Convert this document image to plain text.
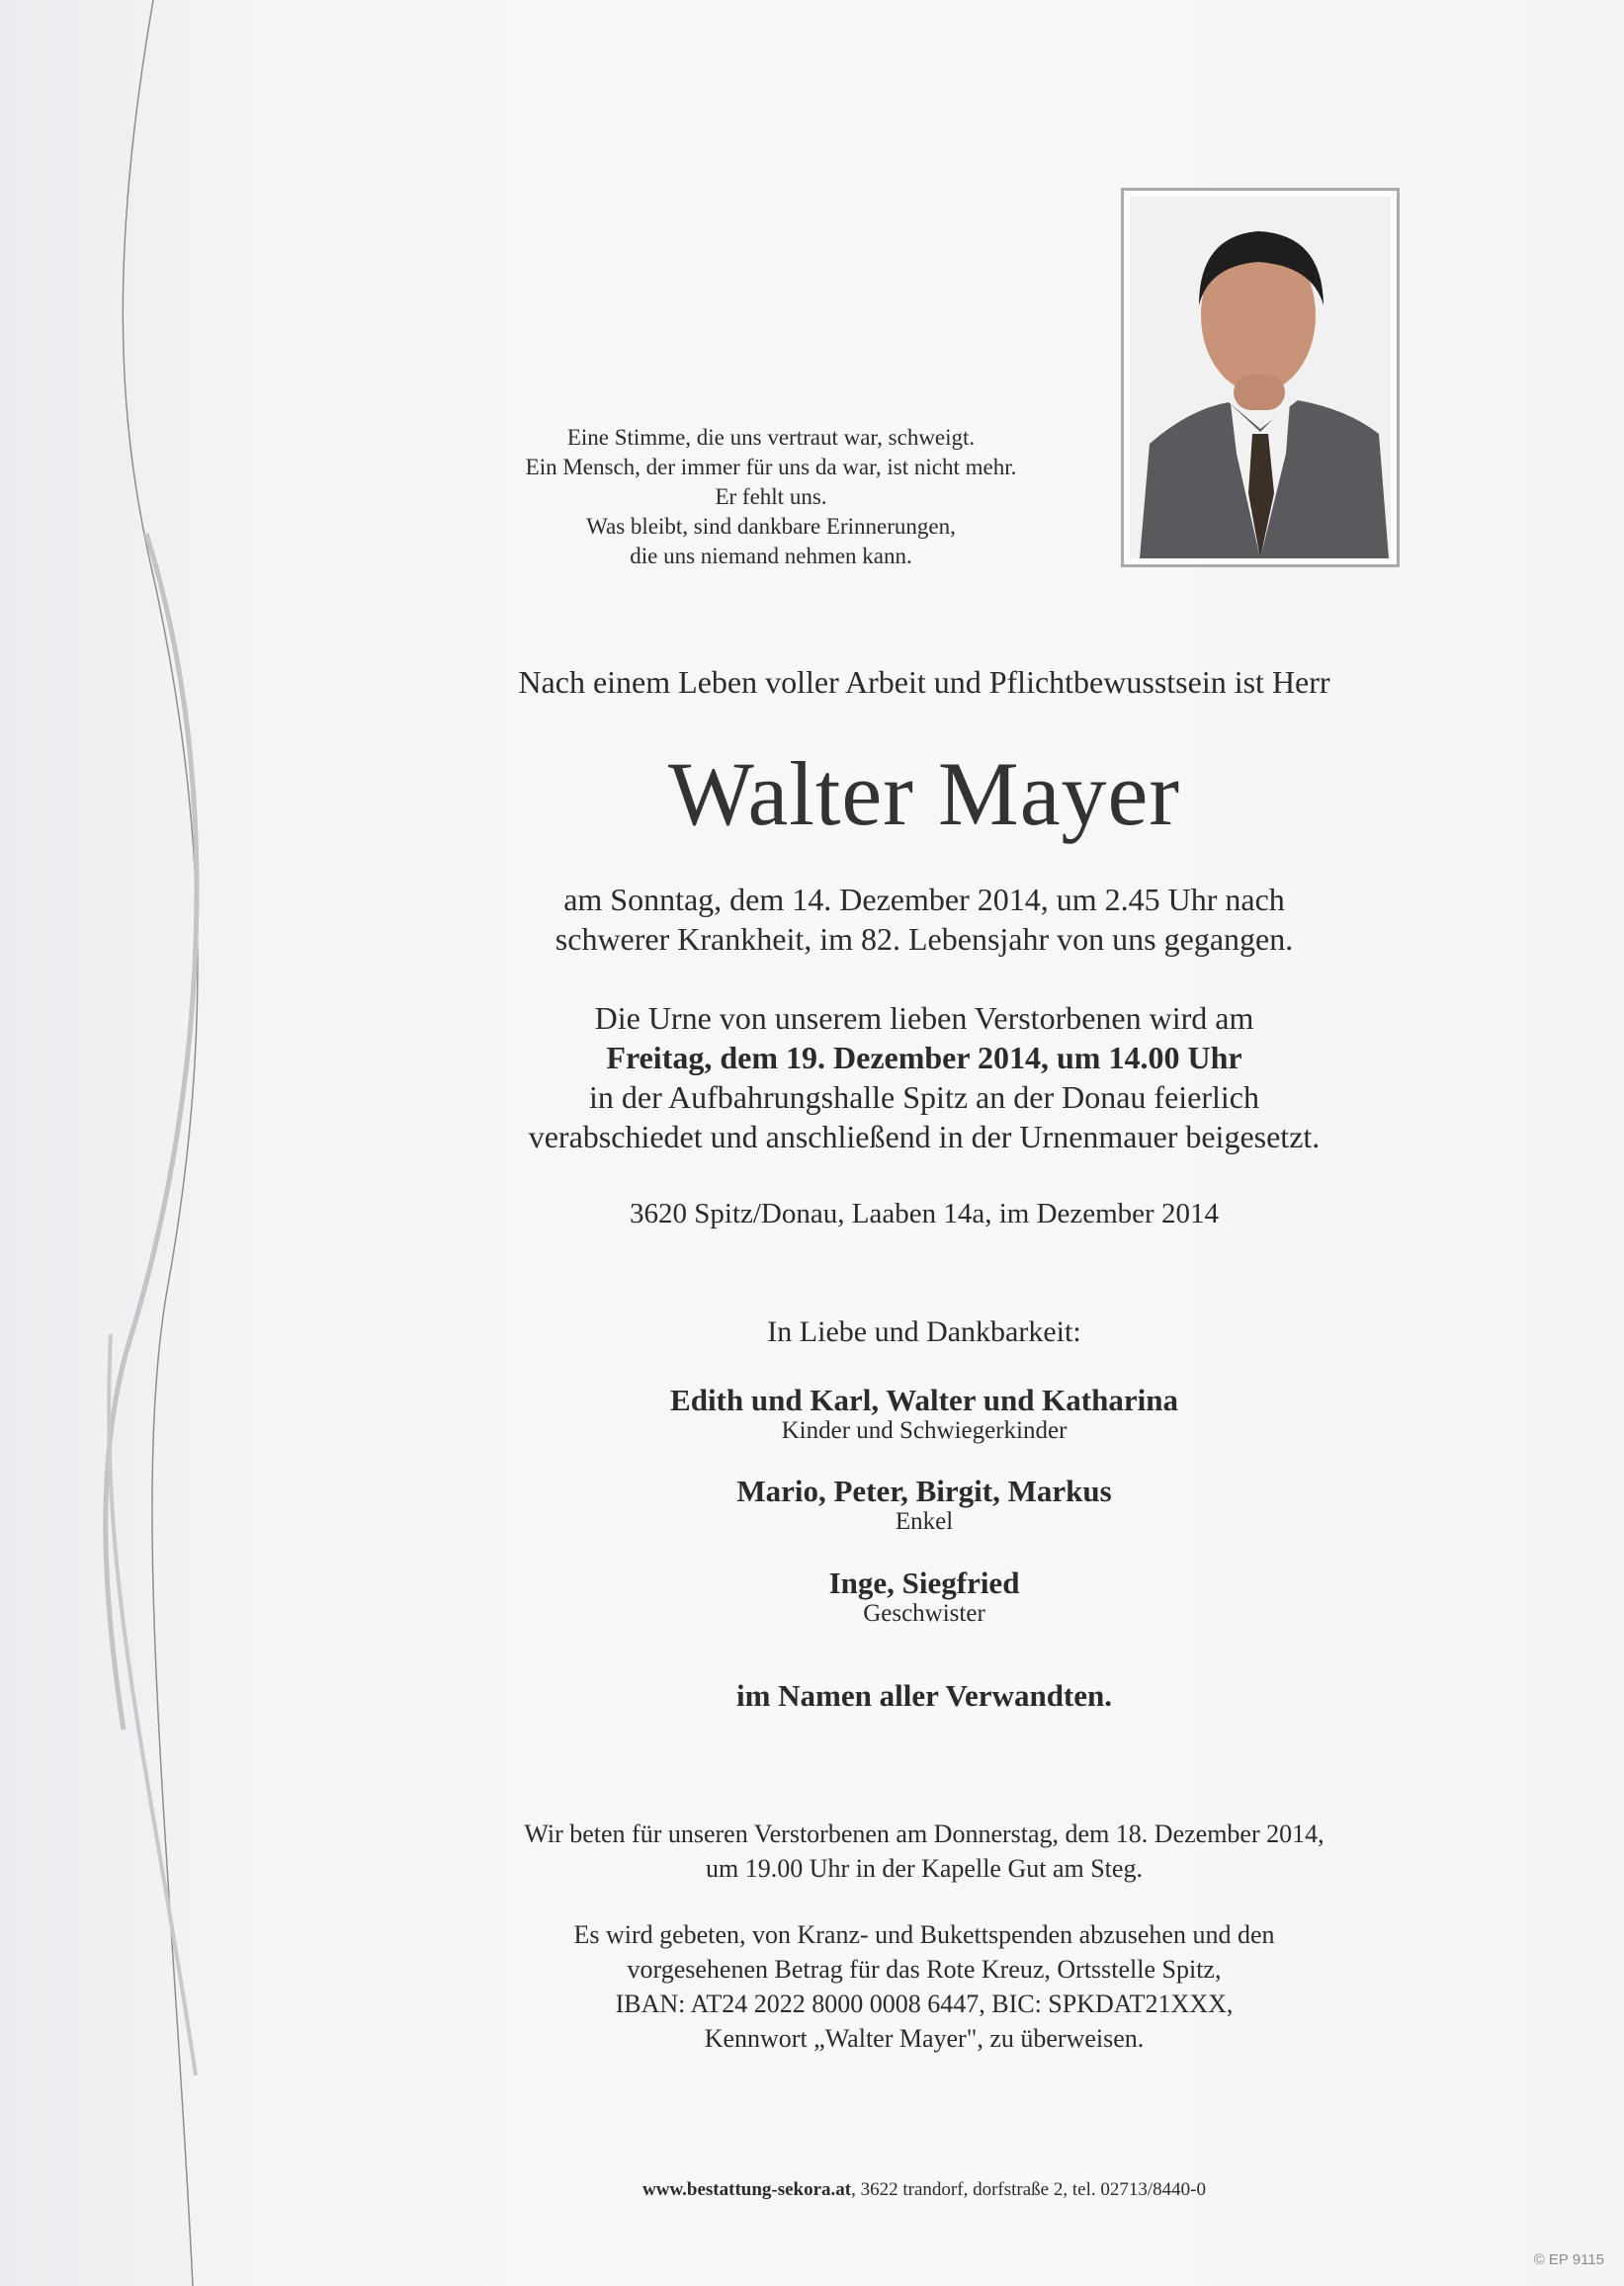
Eine Stimme, die uns vertraut war, schweigt.
Ein Mensch, der immer für uns da war, ist nicht mehr.
Er fehlt uns.
Was bleibt, sind dankbare Erinnerungen,
die uns niemand nehmen kann.
Nach einem Leben voller Arbeit und Pflichtbewusstsein ist Herr
Walter Mayer
am Sonntag, dem 14. Dezember 2014, um 2.45 Uhr nach
schwerer Krankheit, im 82. Lebensjahr von uns gegangen.
Die Urne von unserem lieben Verstorbenen wird am
Freitag, dem 19. Dezember 2014, um 14.00 Uhr
in der Aufbahrungshalle Spitz an der Donau feierlich
verabschiedet und anschließend in der Urnenmauer beigesetzt.
3620 Spitz/Donau, Laaben 14a, im Dezember 2014
In Liebe und Dankbarkeit:
Edith und Karl, Walter und Katharina
Kinder und Schwiegerkinder
Mario, Peter, Birgit, Markus
Enkel
Inge, Siegfried
Geschwister
im Namen aller Verwandten.
Wir beten für unseren Verstorbenen am Donnerstag, dem 18. Dezember 2014,
um 19.00 Uhr in der Kapelle Gut am Steg.
Es wird gebeten, von Kranz- und Bukettspenden abzusehen und den
vorgesehenen Betrag für das Rote Kreuz, Ortsstelle Spitz,
IBAN: AT24 2022 8000 0008 6447, BIC: SPKDAT21XXX,
Kennwort „Walter Mayer", zu überweisen.
www.bestattung-sekora.at, 3622 trandorf, dorfstraße 2, tel. 02713/8440-0
© EP 9115
